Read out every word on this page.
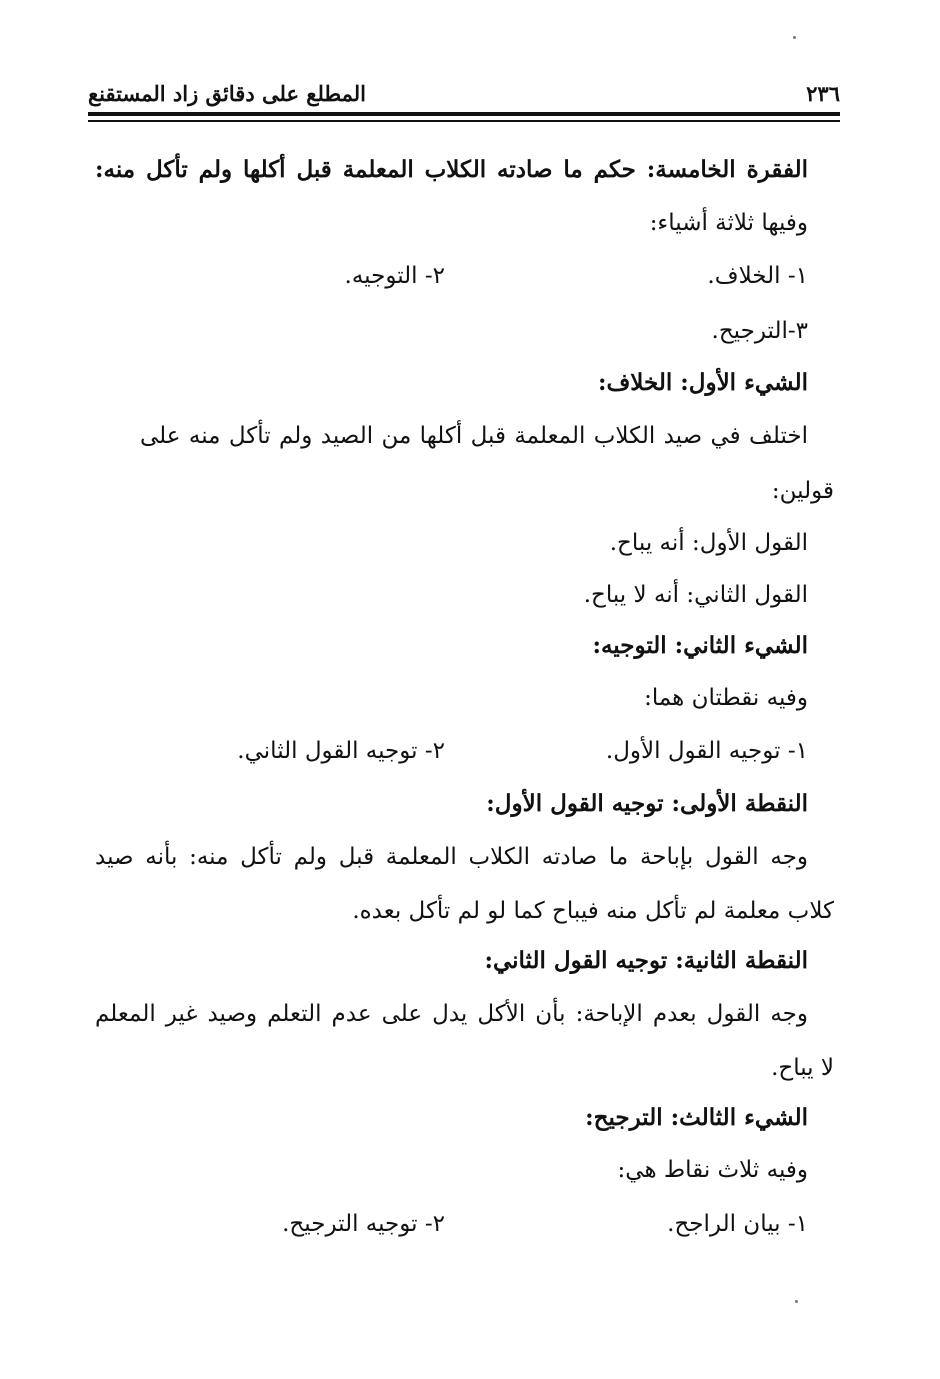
٢٣٦
المطلع على دقائق زاد المستقنع
الفقرة الخامسة: حكم ما صادته الكلاب المعلمة قبل أكلها ولم تأكل منه:
وفيها ثلاثة أشياء:
١- الخلاف.
٢- التوجيه.
٣-الترجيح.
الشيء الأول: الخلاف:
اختلف في صيد الكلاب المعلمة قبل أكلها من الصيد ولم تأكل منه على
قولين:
القول الأول: أنه يباح.
القول الثاني: أنه لا يباح.
الشيء الثاني: التوجيه:
وفيه نقطتان هما:
١- توجيه القول الأول.
٢- توجيه القول الثاني.
النقطة الأولى: توجيه القول الأول:
وجه القول بإباحة ما صادته الكلاب المعلمة قبل ولم تأكل منه: بأنه صيد
كلاب معلمة لم تأكل منه فيباح كما لو لم تأكل بعده.
النقطة الثانية: توجيه القول الثاني:
وجه القول بعدم الإباحة: بأن الأكل يدل على عدم التعلم وصيد غير المعلم
لا يباح.
الشيء الثالث: الترجيح:
وفيه ثلاث نقاط هي:
١- بيان الراجح.
٢- توجيه الترجيح.
